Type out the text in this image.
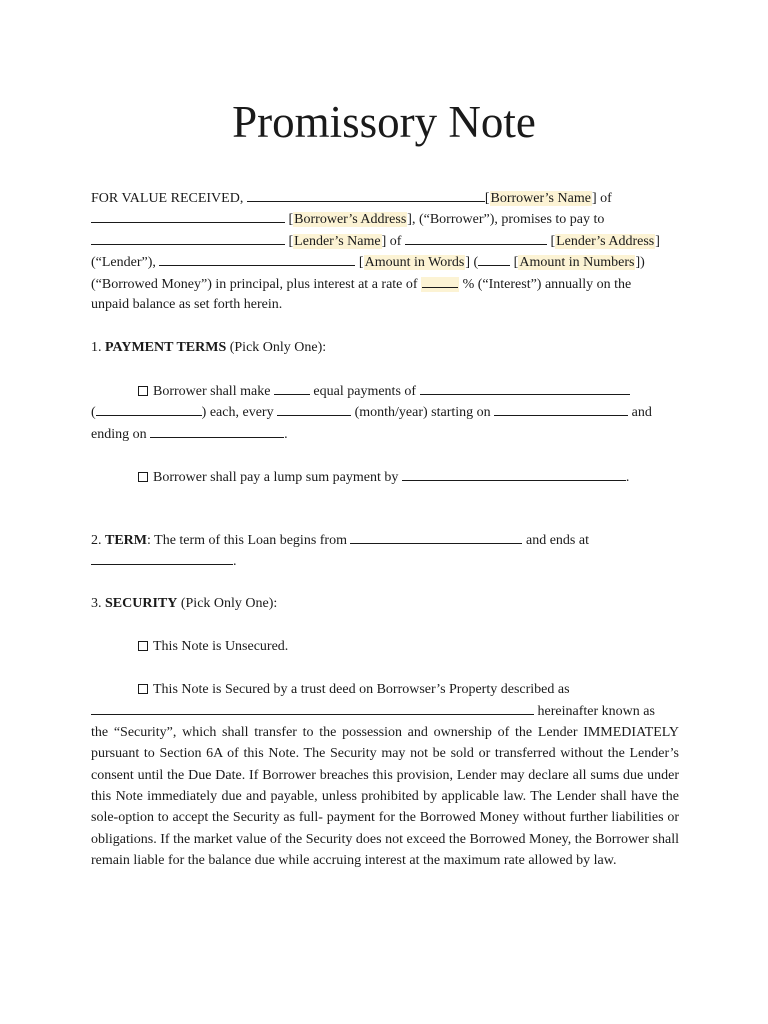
Promissory Note
FOR VALUE RECEIVED,	[Borrower’s Name] of
[Borrower’s Address], (“Borrower”), promises to pay to
[Lender’s Name] of	[Lender’s Address]
(“Lender”),	[Amount in Words] (	[Amount in Numbers])
(“Borrowed Money”) in principal, plus interest at a rate of	% (“Interest”) annually on the
unpaid balance as set forth herein.
1. PAYMENT TERMS (Pick Only One):
Borrower shall make	equal payments of
(	) each, every	(month/year) starting on	and
ending on	.
Borrower shall pay a lump sum payment by	.
2. TERM: The term of this Loan begins from	and ends at
.
3. SECURITY (Pick Only One):
This Note is Unsecured.
This Note is Secured by a trust deed on Borrowser’s Property described as
hereinafter known as
the “Security”, which shall transfer to the possession and ownership of the Lender IMMEDIATELY pursuant to Section 6A of this Note. The Security may not be sold or transferred without the Lender’s consent until the Due Date. If Borrower breaches this provision, Lender may declare all sums due under this Note immediately due and payable, unless prohibited by applicable law. The Lender shall have the sole-option to accept the Security as full- payment for the Borrowed Money without further liabilities or obligations. If the market value of the Security does not exceed the Borrowed Money, the Borrower shall remain liable for the balance due while accruing interest at the maximum rate allowed by law.
